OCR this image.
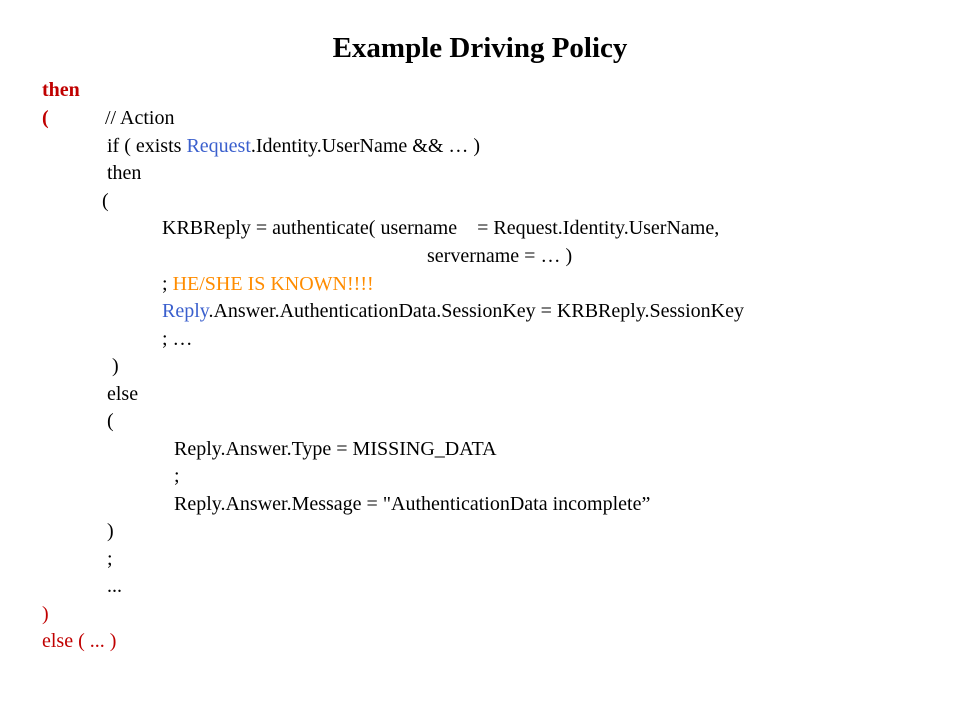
Example Driving Policy
then
(	// Action
if ( exists Request.Identity.UserName && … )
then
(
KRBReply = authenticate( username    = Request.Identity.UserName,
servername = … )
; HE/SHE IS KNOWN!!!!
Reply.Answer.AuthenticationData.SessionKey = KRBReply.SessionKey
; …
)
else
(
Reply.Answer.Type = MISSING_DATA
;
Reply.Answer.Message = "AuthenticationData incomplete”
)
;
...
)
else ( ... )
